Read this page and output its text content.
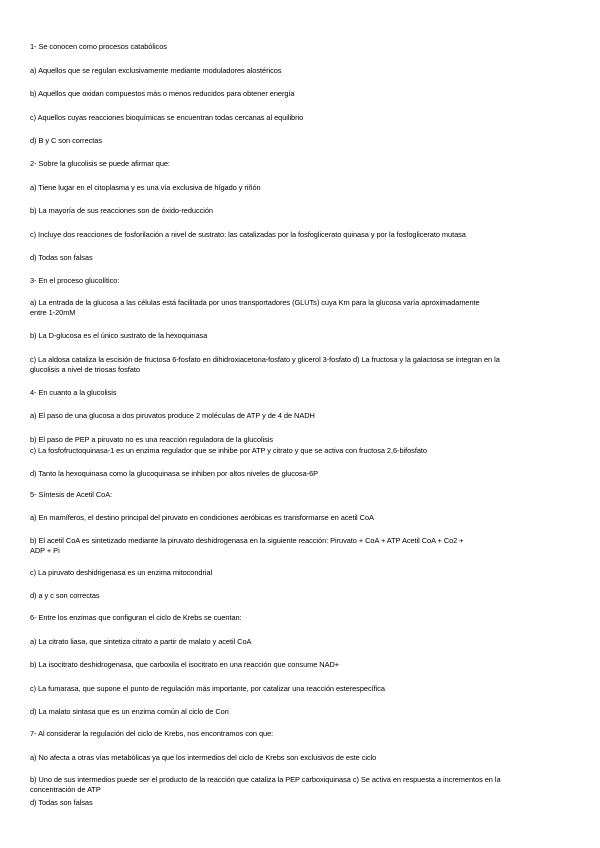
1- Se conocen como procesos catabólicos
a) Aquellos que se regulan exclusivamente mediante moduladores alostéricos
b) Aquellos que oxidan compuestos más o menos reducidos para obtener energía
c) Aquellos cuyas reacciones bioquímicas se encuentran todas cercanas al equilibrio
d) B y C son correctas
2- Sobre la glucolisis se puede afirmar que:
a) Tiene lugar en el citoplasma y es una vía exclusiva de hígado y riñón
b) La mayoría de sus reacciones son de óxido-reducción
c) Incluye dos reacciones de fosforilación a nivel de sustrato: las catalizadas por la fosfoglicerato quinasa y por la fosfoglicerato mutasa
d) Todas son falsas
3- En el proceso glucolítico:
a) La entrada de la glucosa a las células está facilitada por unos transportadores (GLUTs) cuya Km para la glucosa varía aproximadamente
entre 1-20mM
b) La D-glucosa es el único sustrato de la hexoquinasa
c) La aldosa cataliza la escisión de fructosa 6-fosfato en dihidroxiacetona-fosfato y glicerol 3-fosfato d) La fructosa y la galactosa se integran en la
glucolisis a nivel de triosas fosfato
4- En cuanto a la glucolisis
a) El paso de una glucosa a dos piruvatos produce 2 moléculas de ATP y de 4 de NADH
b) El paso de PEP a piruvato no es una reacción reguladora de la glucolisis
c) La fosfofructoquinasa-1 es un enzima regulador que se inhibe por ATP y citrato y que se activa con fructosa 2,6-bifosfato
d) Tanto la hexoquinasa como la glucoquinasa se inhiben por altos niveles de glucosa-6P
5- Síntesis de Acetil CoA:
a) En mamíferos, el destino principal del piruvato en condiciones aeróbicas es transformarse en acetil CoA
b) El acetil CoA es sintetizado mediante la piruvato deshidrogenasa en la siguiente reacción: Piruvato + CoA + ATP Acetil CoA + Co2 +
ADP + Pi
c) La piruvato deshidrigenasa es un enzima mitocondrial
d) a y c son correctas
6- Entre los enzimas que configuran el ciclo de Krebs se cuentan:
a) La citrato liasa, que sintetiza citrato a partir de malato y acetil CoA
b) La isocitrato deshidrogenasa, que carboxila el isocitrato en una reacción que consume NAD+
c) La fumarasa, que supone el punto de regulación más importante, por catalizar una reacción esterespecífica
d) La malato sintasa que es un enzima común al ciclo de Cori
7- Al considerar la regulación del ciclo de Krebs, nos encontramos con que:
a) No afecta a otras vías metabólicas ya que los intermedios del ciclo de Krebs son exclusivos de este ciclo
b) Uno de sus intermedios puede ser el producto de la reacción que cataliza la PEP carboxiquinasa c) Se activa en respuesta a incrementos en la
concentración de ATP
d) Todas son falsas
